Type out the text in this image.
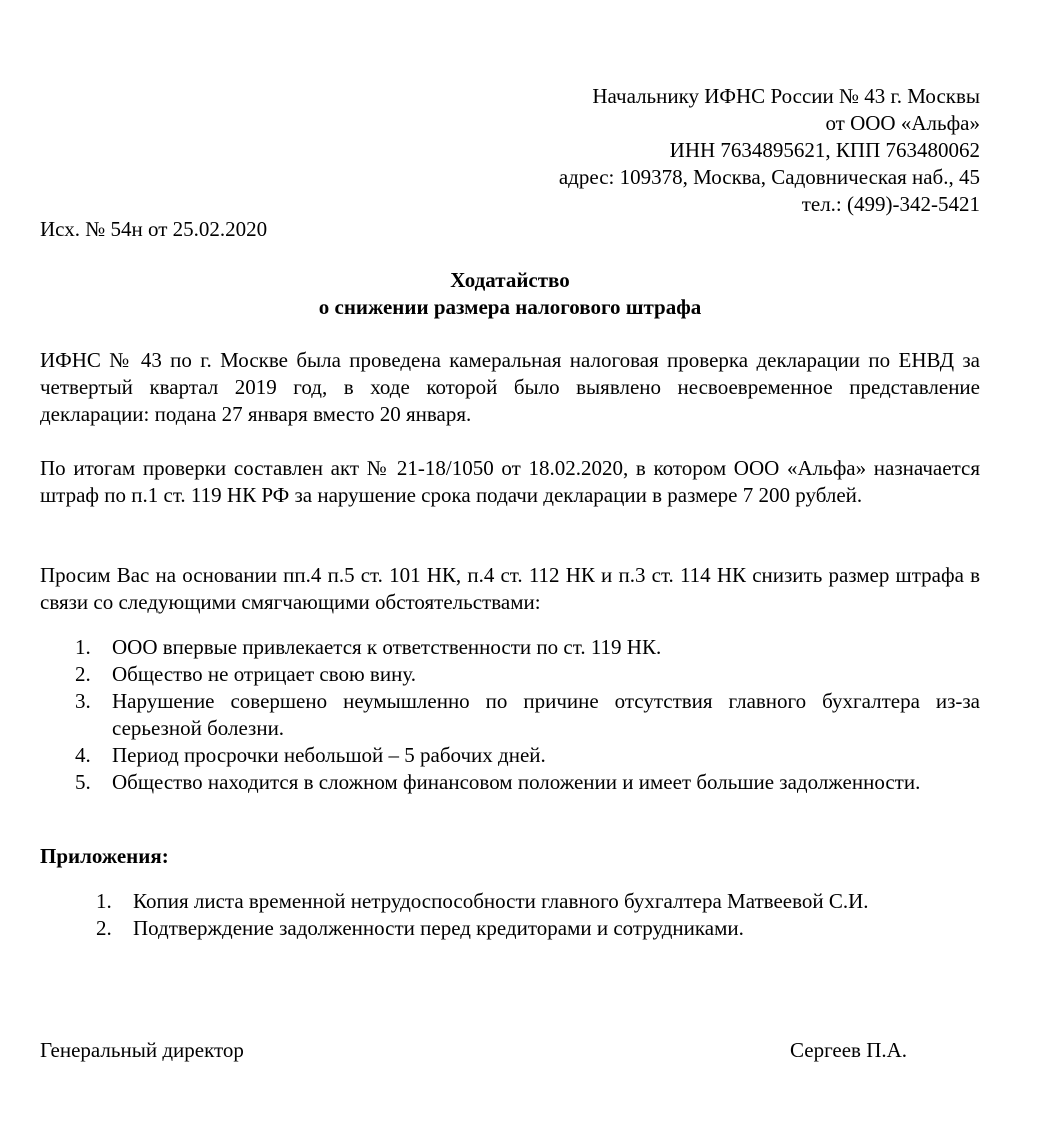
Начальнику ИФНС России № 43 г. Москвы
от ООО «Альфа»
ИНН 7634895621, КПП 763480062
адрес: 109378, Москва, Садовническая наб., 45
тел.: (499)-342-5421
Исх. № 54н от 25.02.2020
Ходатайство
о снижении размера налогового штрафа
ИФНС № 43 по г. Москве была проведена камеральная налоговая проверка декларации по ЕНВД за четвертый квартал 2019 год, в ходе которой было выявлено несвоевременное представление декларации: подана 27 января вместо 20 января.
По итогам проверки составлен акт № 21-18/1050 от 18.02.2020, в котором ООО «Альфа» назначается штраф по п.1 ст. 119 НК РФ за нарушение срока подачи декларации в размере 7 200 рублей.
Просим Вас на основании пп.4 п.5 ст. 101 НК, п.4 ст. 112 НК и п.3 ст. 114 НК снизить размер штрафа в связи со следующими смягчающими обстоятельствами:
1. ООО впервые привлекается к ответственности по ст. 119 НК.
2. Общество не отрицает свою вину.
3. Нарушение совершено неумышленно по причине отсутствия главного бухгалтера из-за серьезной болезни.
4. Период просрочки небольшой – 5 рабочих дней.
5. Общество находится в сложном финансовом положении и имеет большие задолженности.
Приложения:
1. Копия листа временной нетрудоспособности главного бухгалтера Матвеевой С.И.
2. Подтверждение задолженности перед кредиторами и сотрудниками.
Генеральный директор	Сергеев П.А.
